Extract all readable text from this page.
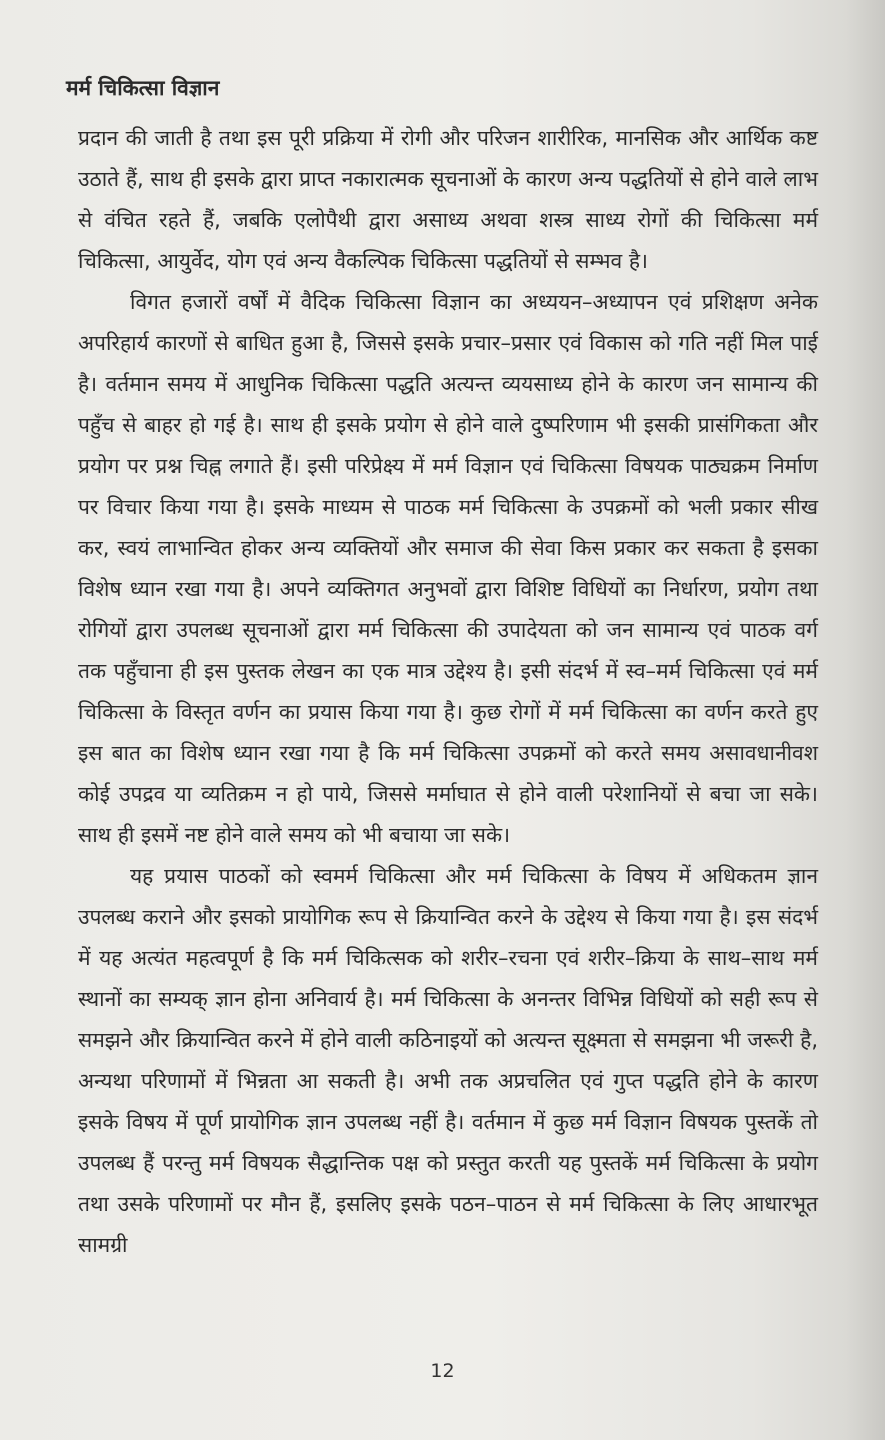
मर्म चिकित्सा विज्ञान

प्रदान की जाती है तथा इस पूरी प्रक्रिया में रोगी और परिजन शारीरिक, मानसिक और आर्थिक कष्ट उठाते हैं, साथ ही इसके द्वारा प्राप्त नकारात्मक सूचनाओं के कारण अन्य पद्धतियों से होने वाले लाभ से वंचित रहते हैं, जबकि एलोपैथी द्वारा असाध्य अथवा शस्त्र साध्य रोगों की चिकित्सा मर्म चिकित्सा, आयुर्वेद, योग एवं अन्य वैकल्पिक चिकित्सा पद्धतियों से सम्भव है।

विगत हजारों वर्षों में वैदिक चिकित्सा विज्ञान का अध्ययन–अध्यापन एवं प्रशिक्षण अनेक अपरिहार्य कारणों से बाधित हुआ है, जिससे इसके प्रचार–प्रसार एवं विकास को गति नहीं मिल पाई है। वर्तमान समय में आधुनिक चिकित्सा पद्धति अत्यन्त व्ययसाध्य होने के कारण जन सामान्य की पहुँच से बाहर हो गई है। साथ ही इसके प्रयोग से होने वाले दुष्परिणाम भी इसकी प्रासंगिकता और प्रयोग पर प्रश्न चिह्न लगाते हैं। इसी परिप्रेक्ष्य में मर्म विज्ञान एवं चिकित्सा विषयक पाठ्यक्रम निर्माण पर विचार किया गया है। इसके माध्यम से पाठक मर्म चिकित्सा के उपक्रमों को भली प्रकार सीख कर, स्वयं लाभान्वित होकर अन्य व्यक्तियों और समाज की सेवा किस प्रकार कर सकता है इसका विशेष ध्यान रखा गया है। अपने व्यक्तिगत अनुभवों द्वारा विशिष्ट विधियों का निर्धारण, प्रयोग तथा रोगियों द्वारा उपलब्ध सूचनाओं द्वारा मर्म चिकित्सा की उपादेयता को जन सामान्य एवं पाठक वर्ग तक पहुँचाना ही इस पुस्तक लेखन का एक मात्र उद्देश्य है। इसी संदर्भ में स्व–मर्म चिकित्सा एवं मर्म चिकित्सा के विस्तृत वर्णन का प्रयास किया गया है। कुछ रोगों में मर्म चिकित्सा का वर्णन करते हुए इस बात का विशेष ध्यान रखा गया है कि मर्म चिकित्सा उपक्रमों को करते समय असावधानीवश कोई उपद्रव या व्यतिक्रम न हो पाये, जिससे मर्माघात से होने वाली परेशानियों से बचा जा सके। साथ ही इसमें नष्ट होने वाले समय को भी बचाया जा सके।

यह प्रयास पाठकों को स्वमर्म चिकित्सा और मर्म चिकित्सा के विषय में अधिकतम ज्ञान उपलब्ध कराने और इसको प्रायोगिक रूप से क्रियान्वित करने के उद्देश्य से किया गया है। इस संदर्भ में यह अत्यंत महत्वपूर्ण है कि मर्म चिकित्सक को शरीर–रचना एवं शरीर–क्रिया के साथ–साथ मर्म स्थानों का सम्यक् ज्ञान होना अनिवार्य है। मर्म चिकित्सा के अनन्तर विभिन्न विधियों को सही रूप से समझने और क्रियान्वित करने में होने वाली कठिनाइयों को अत्यन्त सूक्ष्मता से समझना भी जरूरी है, अन्यथा परिणामों में भिन्नता आ सकती है। अभी तक अप्रचलित एवं गुप्त पद्धति होने के कारण इसके विषय में पूर्ण प्रायोगिक ज्ञान उपलब्ध नहीं है। वर्तमान में कुछ मर्म विज्ञान विषयक पुस्तकें तो उपलब्ध हैं परन्तु मर्म विषयक सैद्धान्तिक पक्ष को प्रस्तुत करती यह पुस्तकें मर्म चिकित्सा के प्रयोग तथा उसके परिणामों पर मौन हैं, इसलिए इसके पठन–पाठन से मर्म चिकित्सा के लिए आधारभूत सामग्री

12
